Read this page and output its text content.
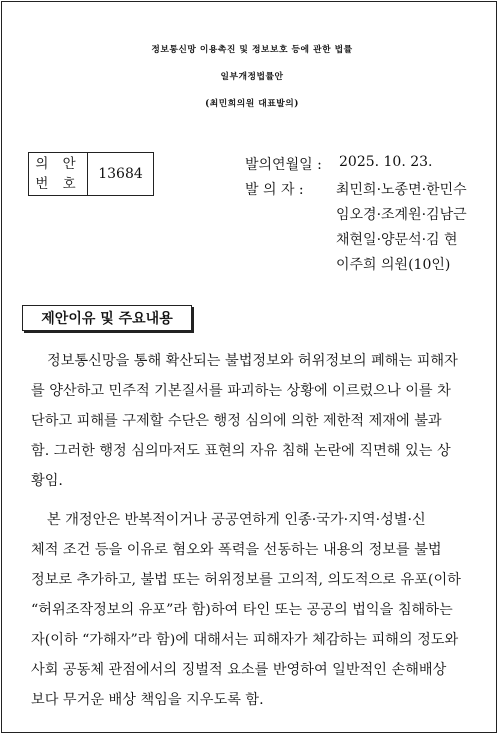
정보통신망 이용촉진 및 정보보호 등에 관한 법률
일부개정법률안
(최민희의원 대표발의)
의 안
번 호
13684
발의연월일 : 2025. 10. 23.
발 의 자 : 최민희·노종면·한민수
임오경·조계원·김남근
채현일·양문석·김 현
이주희 의원(10인)
제안이유 및 주요내용
정보통신망을 통해 확산되는 불법정보와 허위정보의 폐해는 피해자
를 양산하고 민주적 기본질서를 파괴하는 상황에 이르렀으나 이를 차
단하고 피해를 구제할 수단은 행정 심의에 의한 제한적 제재에 불과
함. 그러한 행정 심의마저도 표현의 자유 침해 논란에 직면해 있는 상
황임.
본 개정안은 반복적이거나 공공연하게 인종·국가·지역·성별·신
체적 조건 등을 이유로 혐오와 폭력을 선동하는 내용의 정보를 불법
정보로 추가하고, 불법 또는 허위정보를 고의적, 의도적으로 유포(이하
“허위조작정보의 유포”라 함)하여 타인 또는 공공의 법익을 침해하는
자(이하 “가해자”라 함)에 대해서는 피해자가 체감하는 피해의 정도와
사회 공동체 관점에서의 징벌적 요소를 반영하여 일반적인 손해배상
보다 무거운 배상 책임을 지우도록 함.
